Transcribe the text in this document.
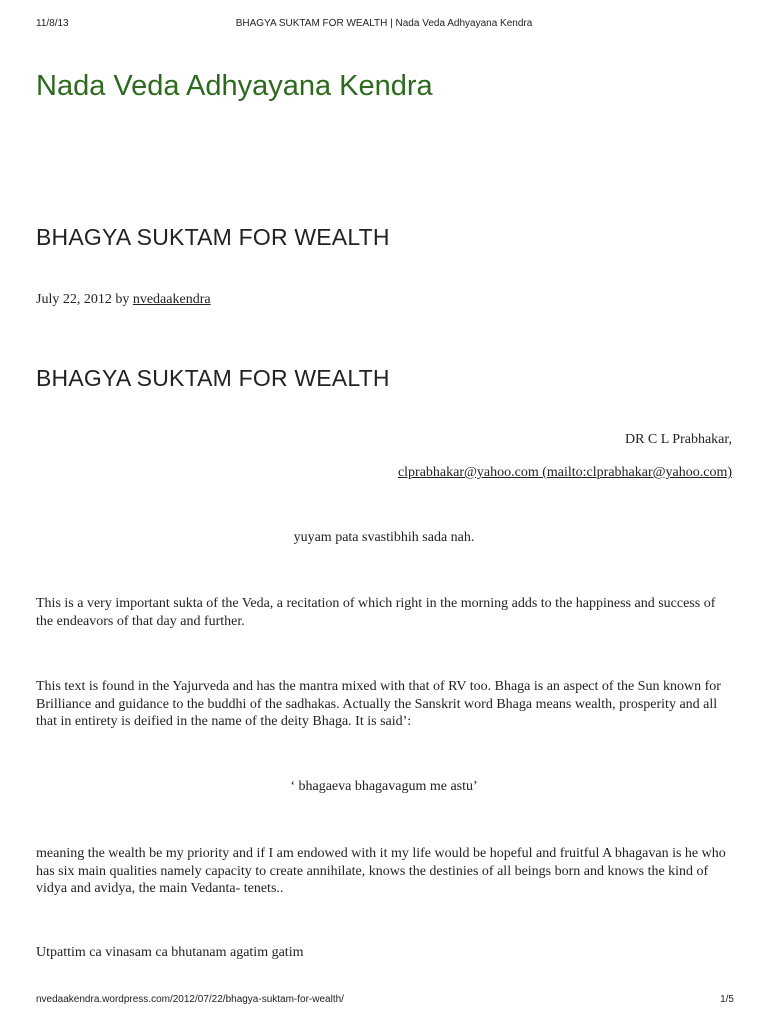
11/8/13	BHAGYA SUKTAM FOR WEALTH | Nada Veda Adhyayana Kendra
Nada Veda Adhyayana Kendra
BHAGYA SUKTAM FOR WEALTH
July 22, 2012 by nvedaakendra
BHAGYA SUKTAM FOR WEALTH
DR C L Prabhakar,
clprabhakar@yahoo.com (mailto:clprabhakar@yahoo.com)
yuyam pata svastibhih sada nah.

This is a very important sukta of the Veda, a recitation of which right in the morning adds to the happiness and success of the endeavors of that day and further.

This text is found in the Yajurveda and has the mantra mixed with that of RV too. Bhaga is an aspect of the Sun known for Brilliance and guidance to the buddhi of the sadhakas. Actually the Sanskrit word Bhaga means wealth, prosperity and all that in entirety is deified in the name of the deity Bhaga. It is said’:

‘ bhagaeva bhagavagum me astu’

meaning the wealth be my priority and if I am endowed with it my life would be hopeful and fruitful A bhagavan is he who has six main qualities namely capacity to create annihilate, knows the destinies of all beings born and knows the kind of vidya and avidya, the main Vedanta- tenets..

Utpattim ca vinasam ca bhutanam agatim gatim

nvedaakendra.wordpress.com/2012/07/22/bhagya-suktam-for-wealth/	1/5
